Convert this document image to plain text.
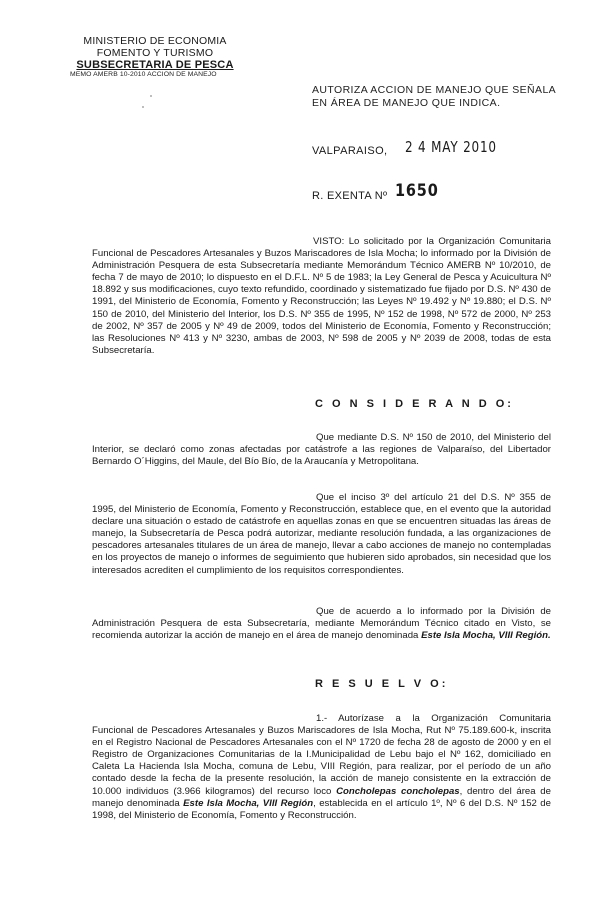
MINISTERIO DE ECONOMIA
FOMENTO Y TURISMO
SUBSECRETARIA DE PESCA
MEMO AMERB 10-2010 ACCION DE MANEJO
AUTORIZA ACCION DE MANEJO QUE SEÑALA
EN ÁREA DE MANEJO QUE INDICA.
VALPARAISO, 2 4 MAY 2010
R. EXENTA Nº 1650
VISTO: Lo solicitado por la Organización Comunitaria Funcional de Pescadores Artesanales y Buzos Mariscadores de Isla Mocha; lo informado por la División de Administración Pesquera de esta Subsecretaría mediante Memorándum Técnico AMERB Nº 10/2010, de fecha 7 de mayo de 2010; lo dispuesto en el D.F.L. Nº 5 de 1983; la Ley General de Pesca y Acuicultura Nº 18.892 y sus modificaciones, cuyo texto refundido, coordinado y sistematizado fue fijado por D.S. Nº 430 de 1991, del Ministerio de Economía, Fomento y Reconstrucción; las Leyes Nº 19.492 y Nº 19.880; el D.S. Nº 150 de 2010, del Ministerio del Interior, los D.S. Nº 355 de 1995, Nº 152 de 1998, Nº 572 de 2000, Nº 253 de 2002, Nº 357 de 2005 y Nº 49 de 2009, todos del Ministerio de Economía, Fomento y Reconstrucción; las Resoluciones Nº 413 y Nº 3230, ambas de 2003, Nº 598 de 2005 y Nº 2039 de 2008, todas de esta Subsecretaría.
C O N S I D E R A N D O:
Que mediante D.S. Nº 150 de 2010, del Ministerio del Interior, se declaró como zonas afectadas por catástrofe a las regiones de Valparaíso, del Libertador Bernardo O´Higgins, del Maule, del Bío Bío, de la Araucanía y Metropolitana.
Que el inciso 3º del artículo 21 del D.S. Nº 355 de 1995, del Ministerio de Economía, Fomento y Reconstrucción, establece que, en el evento que la autoridad declare una situación o estado de catástrofe en aquellas zonas en que se encuentren situadas las áreas de manejo, la Subsecretaría de Pesca podrá autorizar, mediante resolución fundada, a las organizaciones de pescadores artesanales titulares de un área de manejo, llevar a cabo acciones de manejo no contempladas en los proyectos de manejo o informes de seguimiento que hubieren sido aprobados, sin necesidad que los interesados acrediten el cumplimiento de los requisitos correspondientes.
Que de acuerdo a lo informado por la División de Administración Pesquera de esta Subsecretaría, mediante Memorándum Técnico citado en Visto, se recomienda autorizar la acción de manejo en el área de manejo denominada Este Isla Mocha, VIII Región.
R E S U E L V O:
1.- Autorízase a la Organización Comunitaria Funcional de Pescadores Artesanales y Buzos Mariscadores de Isla Mocha, Rut Nº 75.189.600-k, inscrita en el Registro Nacional de Pescadores Artesanales con el Nº 1720 de fecha 28 de agosto de 2000 y en el Registro de Organizaciones Comunitarias de la I.Municipalidad de Lebu bajo el Nº 162, domiciliado en Caleta La Hacienda Isla Mocha, comuna de Lebu, VIII Región, para realizar, por el período de un año contado desde la fecha de la presente resolución, la acción de manejo consistente en la extracción de 10.000 individuos (3.966 kilogramos) del recurso loco Concholepas concholepas, dentro del área de manejo denominada Este Isla Mocha, VIII Región, establecida en el artículo 1º, Nº 6 del D.S. Nº 152 de 1998, del Ministerio de Economía, Fomento y Reconstrucción.
